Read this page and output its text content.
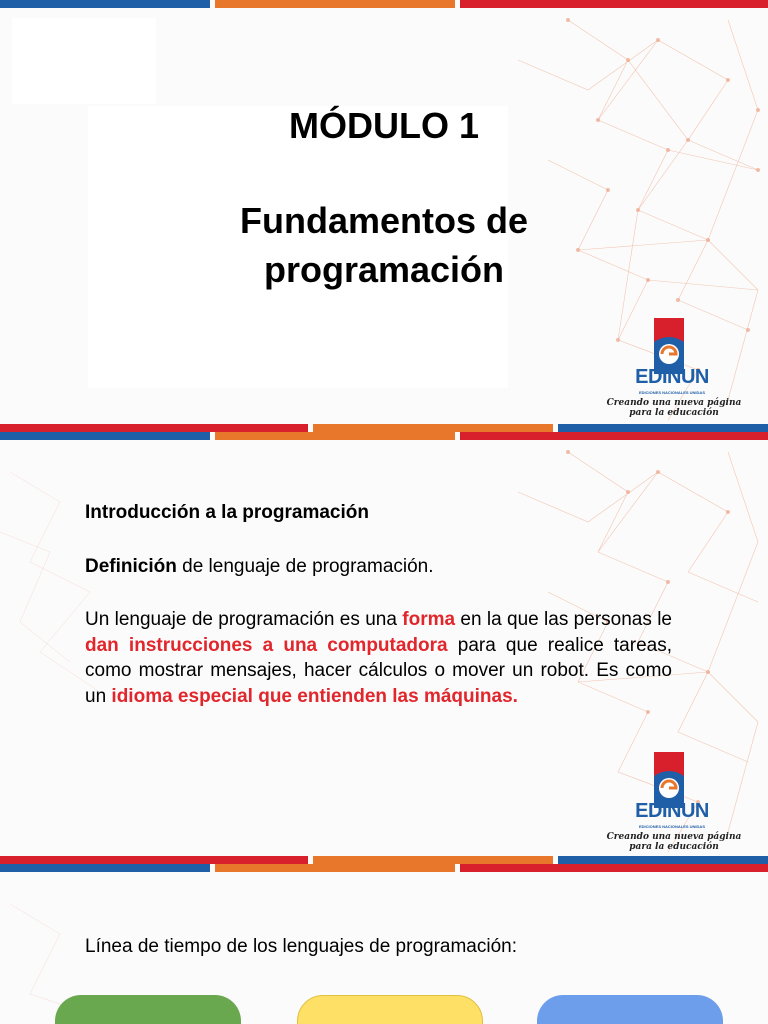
MÓDULO 1
Fundamentos de
programación
EDINUN
EDICIONES NACIONALES UNIDAS
Creando una nueva página para la educación
Introducción a la programación
Definición de lenguaje de programación.
Un lenguaje de programación es una forma en la que las personas le dan instrucciones a una computadora para que realice tareas, como mostrar mensajes, hacer cálculos o mover un robot. Es como un idioma especial que entienden las máquinas.
EDINUN
EDICIONES NACIONALES UNIDAS
Creando una nueva página para la educación
Línea de tiempo de los lenguajes de programación:
